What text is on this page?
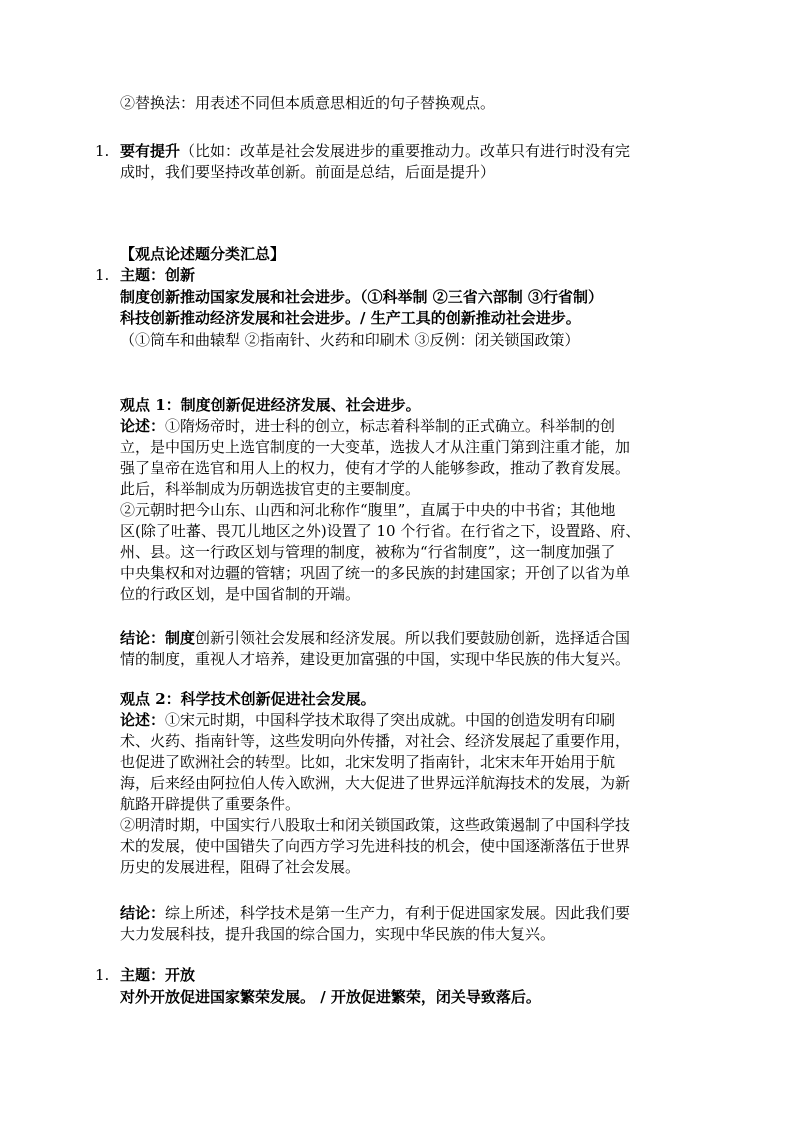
②替换法：用表述不同但本质意思相近的句子替换观点。
1. 要有提升（比如：改革是社会发展进步的重要推动力。改革只有进行时没有完
成时，我们要坚持改革创新。前面是总结，后面是提升）
【观点论述题分类汇总】
1. 主题：创新
制度创新推动国家发展和社会进步。（①科举制 ②三省六部制 ③行省制）
科技创新推动经济发展和社会进步。/ 生产工具的创新推动社会进步。
（①筒车和曲辕犁 ②指南针、火药和印刷术 ③反例：闭关锁国政策）
观点 1：制度创新促进经济发展、社会进步。
论述：①隋炀帝时，进士科的创立，标志着科举制的正式确立。科举制的创
立，是中国历史上选官制度的一大变革，选拔人才从注重门第到注重才能，加
强了皇帝在选官和用人上的权力，使有才学的人能够参政，推动了教育发展。
此后，科举制成为历朝选拔官吏的主要制度。
②元朝时把今山东、山西和河北称作“腹里”，直属于中央的中书省；其他地
区(除了吐蕃、畏兀儿地区之外)设置了 10 个行省。在行省之下，设置路、府、
州、县。这一行政区划与管理的制度，被称为“行省制度”，这一制度加强了
中央集权和对边疆的管辖；巩固了统一的多民族的封建国家；开创了以省为单
位的行政区划，是中国省制的开端。
结论：制度创新引领社会发展和经济发展。所以我们要鼓励创新，选择适合国
情的制度，重视人才培养，建设更加富强的中国，实现中华民族的伟大复兴。
观点 2：科学技术创新促进社会发展。
论述：①宋元时期，中国科学技术取得了突出成就。中国的创造发明有印刷
术、火药、指南针等，这些发明向外传播，对社会、经济发展起了重要作用，
也促进了欧洲社会的转型。比如，北宋发明了指南针，北宋末年开始用于航
海，后来经由阿拉伯人传入欧洲，大大促进了世界远洋航海技术的发展，为新
航路开辟提供了重要条件。
②明清时期，中国实行八股取士和闭关锁国政策，这些政策遏制了中国科学技
术的发展，使中国错失了向西方学习先进科技的机会，使中国逐渐落伍于世界
历史的发展进程，阻碍了社会发展。
结论：综上所述，科学技术是第一生产力，有利于促进国家发展。因此我们要
大力发展科技，提升我国的综合国力，实现中华民族的伟大复兴。
1. 主题：开放
对外开放促进国家繁荣发展。 / 开放促进繁荣，闭关导致落后。
